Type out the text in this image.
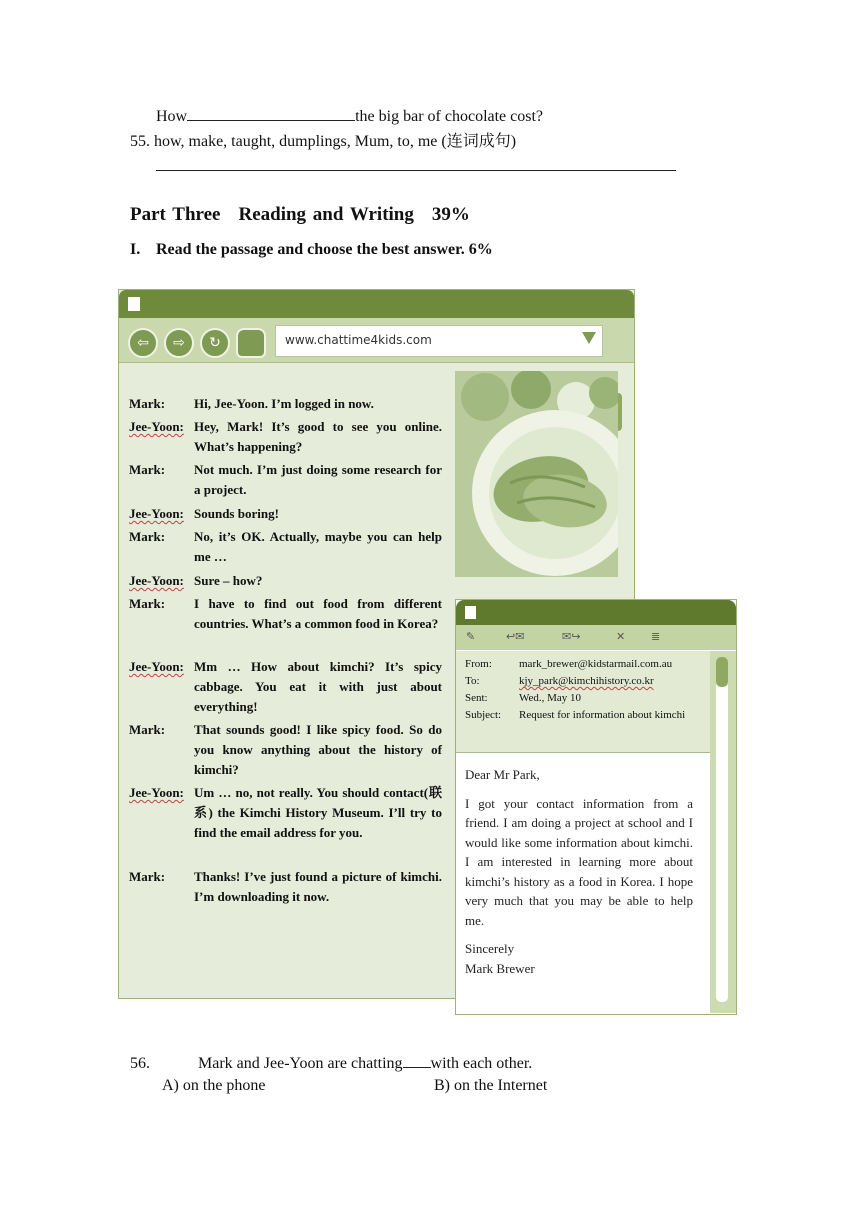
How	the big bar of chocolate cost?
55. how, make, taught, dumplings, Mum, to, me (连词成句)
Part Three Reading and Writing 39%
I. Read the passage and choose the best answer. 6%
⇦	⇨	↻	www.chattime4kids.com
Mark:	Hi, Jee-Yoon. I’m logged in now.
Jee-Yoon: Hey, Mark! It’s good to see you online. What’s happening?
Mark:	Not much. I’m just doing some research for a project.
Jee-Yoon: Sounds boring!
Mark:	No, it’s OK. Actually, maybe you can help me …
Jee-Yoon: Sure – how?
Mark:	I have to find out food from different countries. What’s a common food in Korea?
Jee-Yoon: Mm … How about kimchi? It’s spicy cabbage. You eat it with just about everything!
Mark:	That sounds good! I like spicy food. So do you know anything about the history of kimchi?
Jee-Yoon: Um … no, not really. You should contact(联系) the Kimchi History Museum. I’ll try to find the email address for you.
Mark:	Thanks! I’ve just found a picture of kimchi. I’m downloading it now.
✎	↩✉	✉↪	✕ ≣
From:	mark_brewer@kidstarmail.com.au
To:	kjy_park@kimchihistory.co.kr
Sent:	Wed., May 10
Subject:	Request for information about kimchi

Dear Mr Park,

I got your contact information from a friend. I am doing a project at school and I would like some information about kimchi. I am interested in learning more about kimchi’s history as a food in Korea. I hope very much that you may be able to help me.

Sincerely

Mark Brewer

56.	Mark and Jee-Yoon are chatting with each other.
A) on the phone	B) on the Internet
